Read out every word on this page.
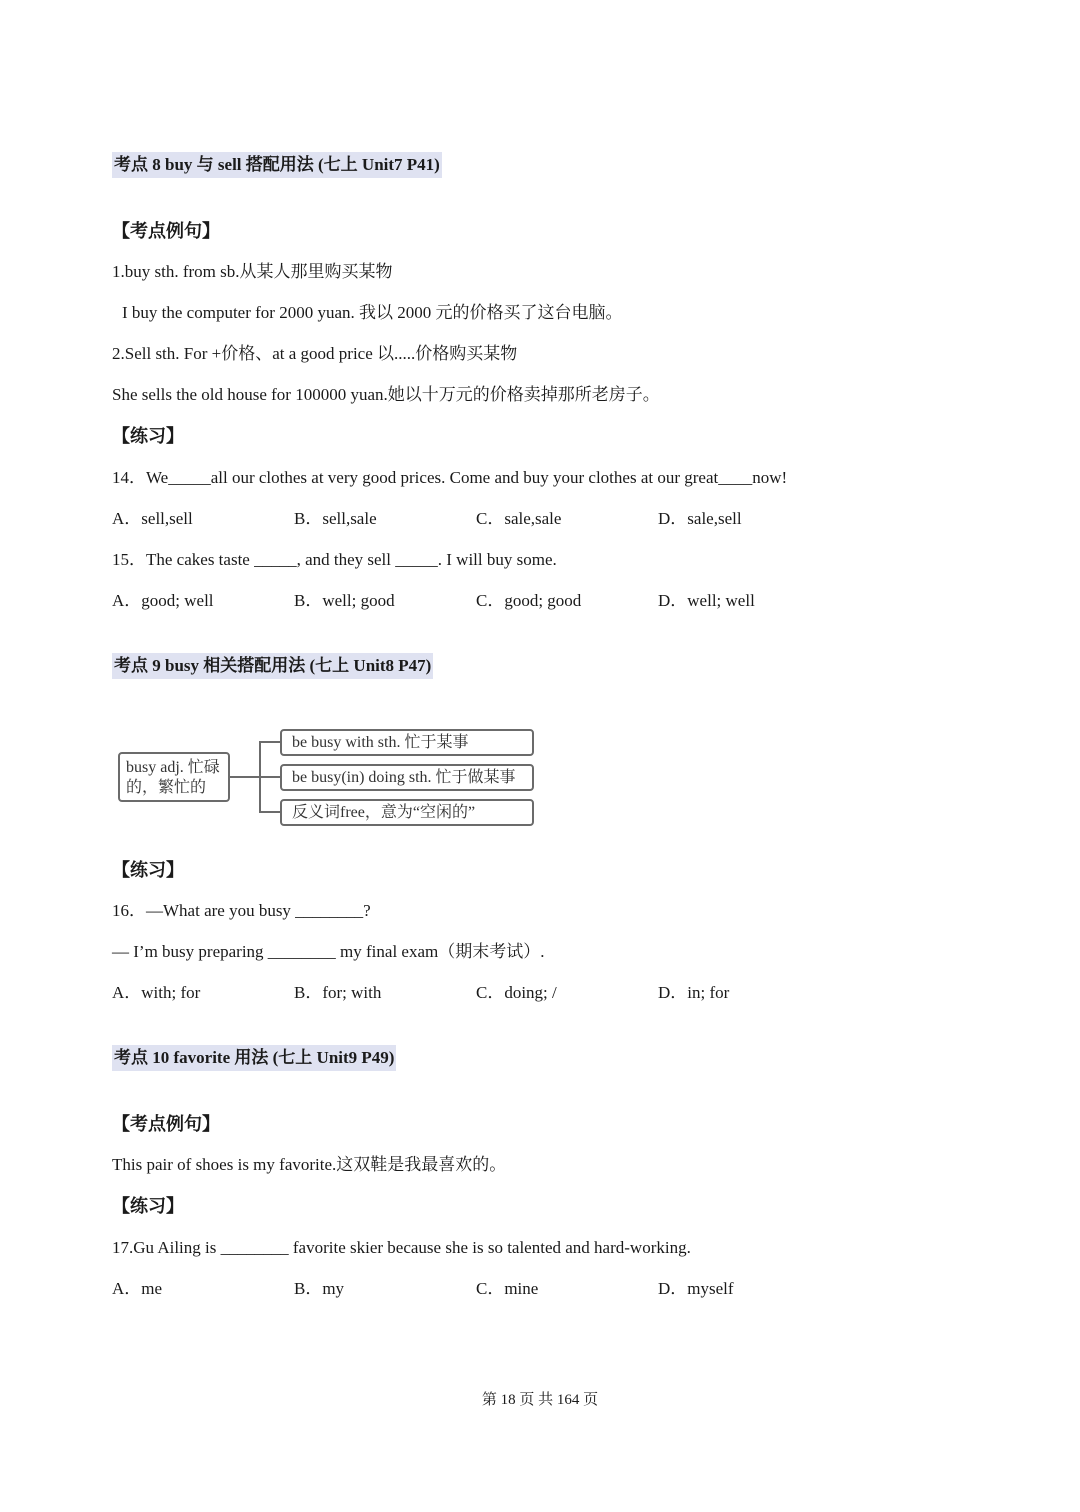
考点 8 buy 与 sell 搭配用法 (七上 Unit7 P41)
【考点例句】
1.buy sth. from sb.从某人那里购买某物
I buy the computer for 2000 yuan. 我以 2000 元的价格买了这台电脑。
2.Sell sth. For +价格、at a good price 以.....价格购买某物
She sells the old house for 100000 yuan.她以十万元的价格卖掉那所老房子。
【练习】
14．We_____all our clothes at very good prices. Come and buy your clothes at our great____now!
A．sell,sell	B．sell,sale	C．sale,sale	D．sale,sell
15．The cakes taste _____, and they sell _____. I will buy some.
A．good; well	B．well; good	C．good; good	D．well; well
考点 9 busy 相关搭配用法 (七上 Unit8 P47)
busy adj. 忙碌
的，繁忙的
be busy with sth. 忙于某事
be busy(in) doing sth. 忙于做某事
反义词free，意为“空闲的”
【练习】
16．—What are you busy ________?
— I’m busy preparing ________ my final exam（期末考试）.
A．with; for	B．for; with	C．doing; /	D．in; for
考点 10 favorite 用法 (七上 Unit9 P49)
【考点例句】
This pair of shoes is my favorite.这双鞋是我最喜欢的。
【练习】
17.Gu Ailing is ________ favorite skier because she is so talented and hard-working.
A．me	B．my	C．mine	D．myself
第 18 页 共 164 页
